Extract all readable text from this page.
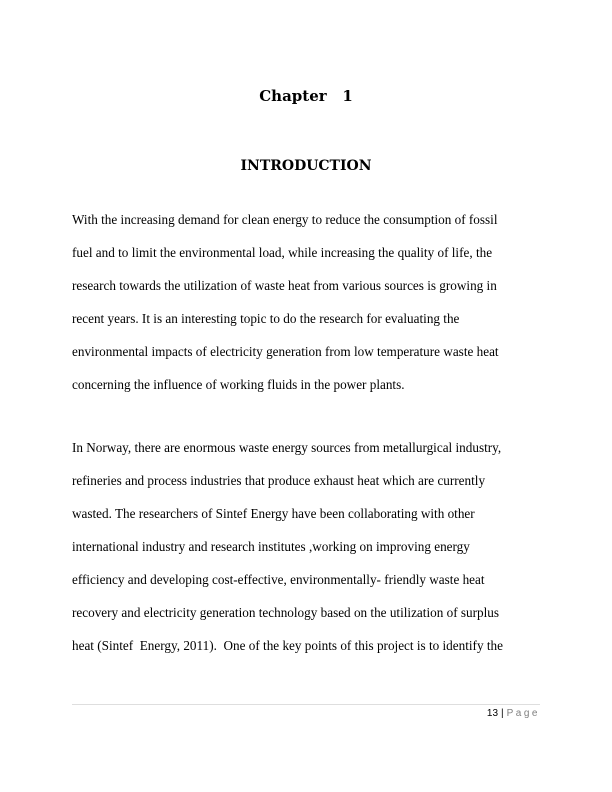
Chapter   1
INTRODUCTION
With the increasing demand for clean energy to reduce the consumption of fossil
fuel and to limit the environmental load, while increasing the quality of life, the
research towards the utilization of waste heat from various sources is growing in
recent years. It is an interesting topic to do the research for evaluating the
environmental impacts of electricity generation from low temperature waste heat
concerning the influence of working fluids in the power plants.
In Norway, there are enormous waste energy sources from metallurgical industry,
refineries and process industries that produce exhaust heat which are currently
wasted. The researchers of Sintef Energy have been collaborating with other
international industry and research institutes ,working on improving energy
efficiency and developing cost-effective, environmentally- friendly waste heat
recovery and electricity generation technology based on the utilization of surplus
heat (Sintef  Energy, 2011).  One of the key points of this project is to identify the
13 | Page
